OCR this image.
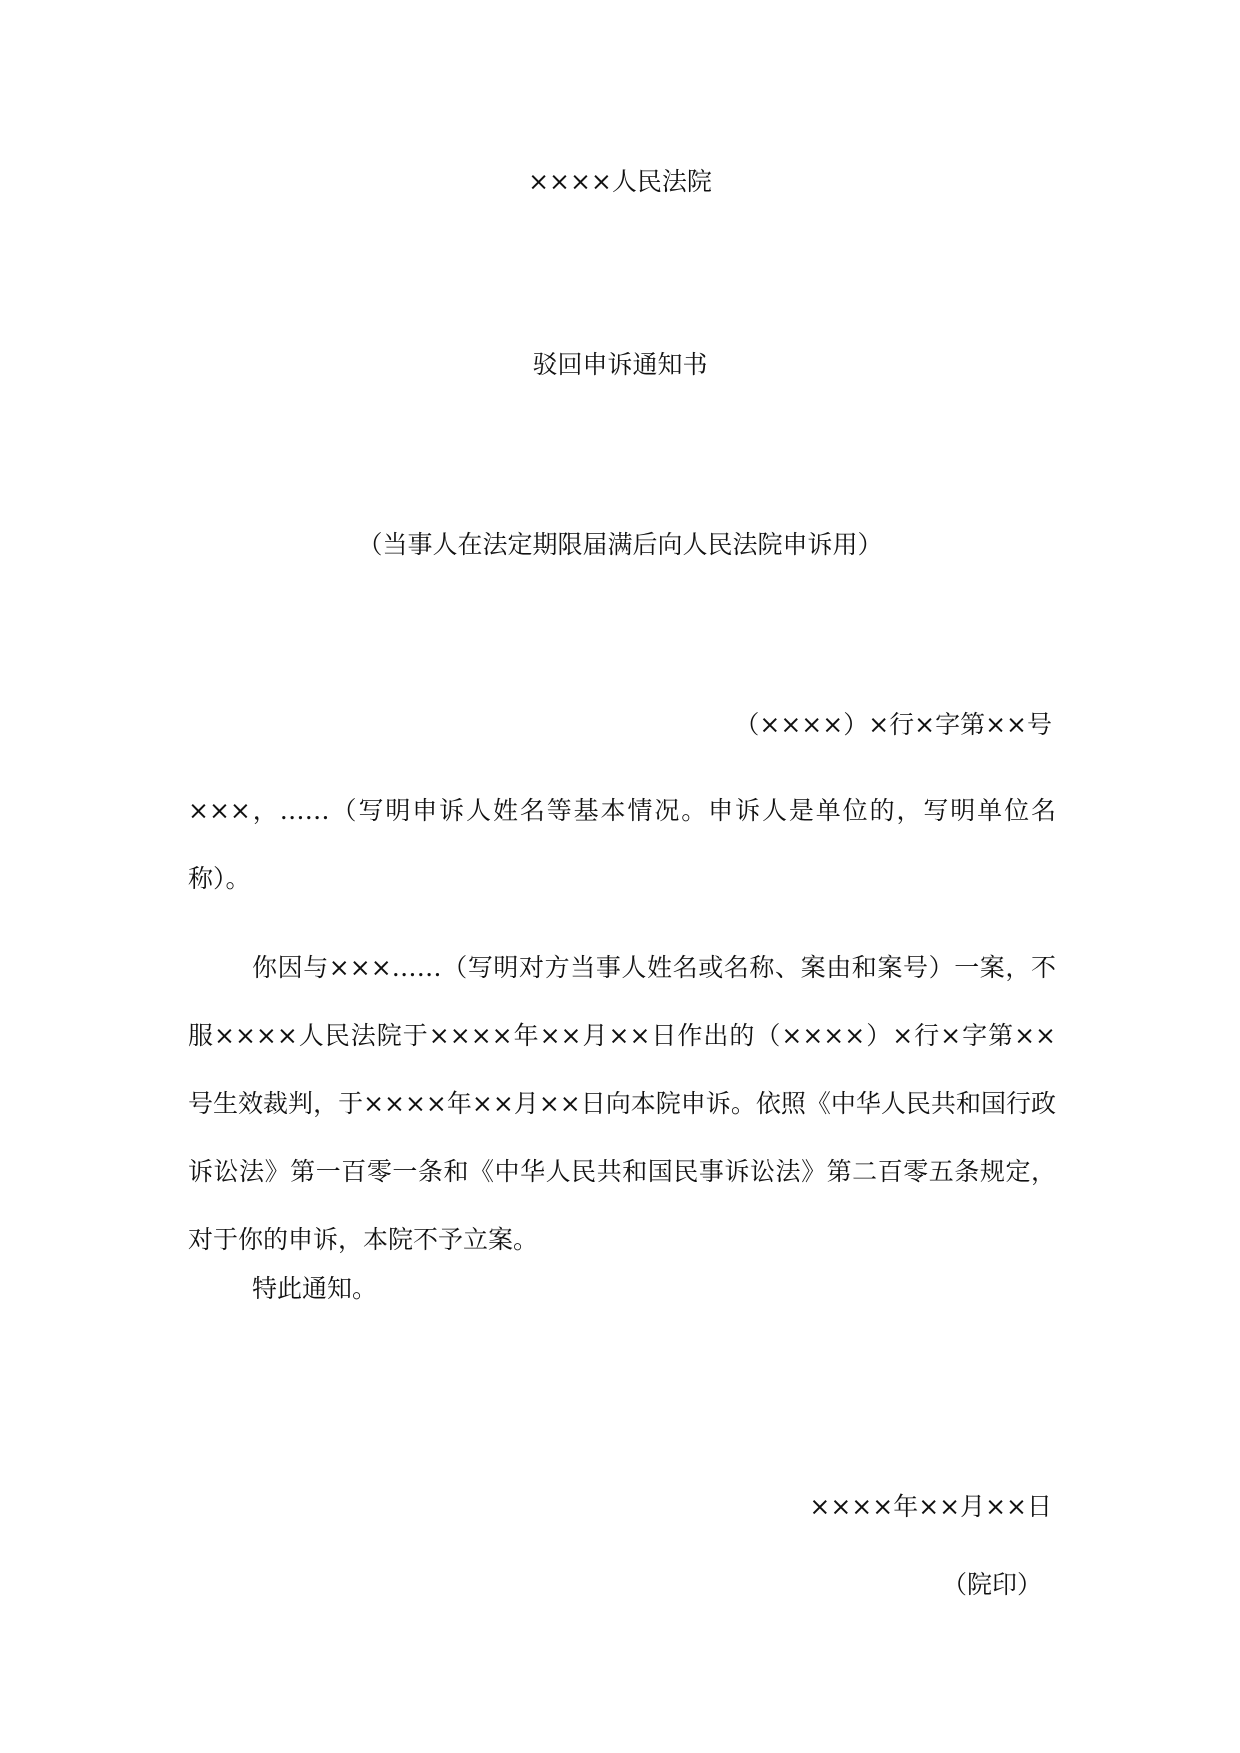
××××人民法院
驳回申诉通知书
（当事人在法定期限届满后向人民法院申诉用）
（××××）×行×字第××号
×××，……（写明申诉人姓名等基本情况。申诉人是单位的，写明单位名称）。
你因与×××……（写明对方当事人姓名或名称、案由和案号）一案，不服××××人民法院于××××年××月××日作出的（××××）×行×字第××号生效裁判，于××××年××月××日向本院申诉。依照《中华人民共和国行政诉讼法》第一百零一条和《中华人民共和国民事诉讼法》第二百零五条规定，对于你的申诉，本院不予立案。
特此通知。
××××年××月××日
（院印）
